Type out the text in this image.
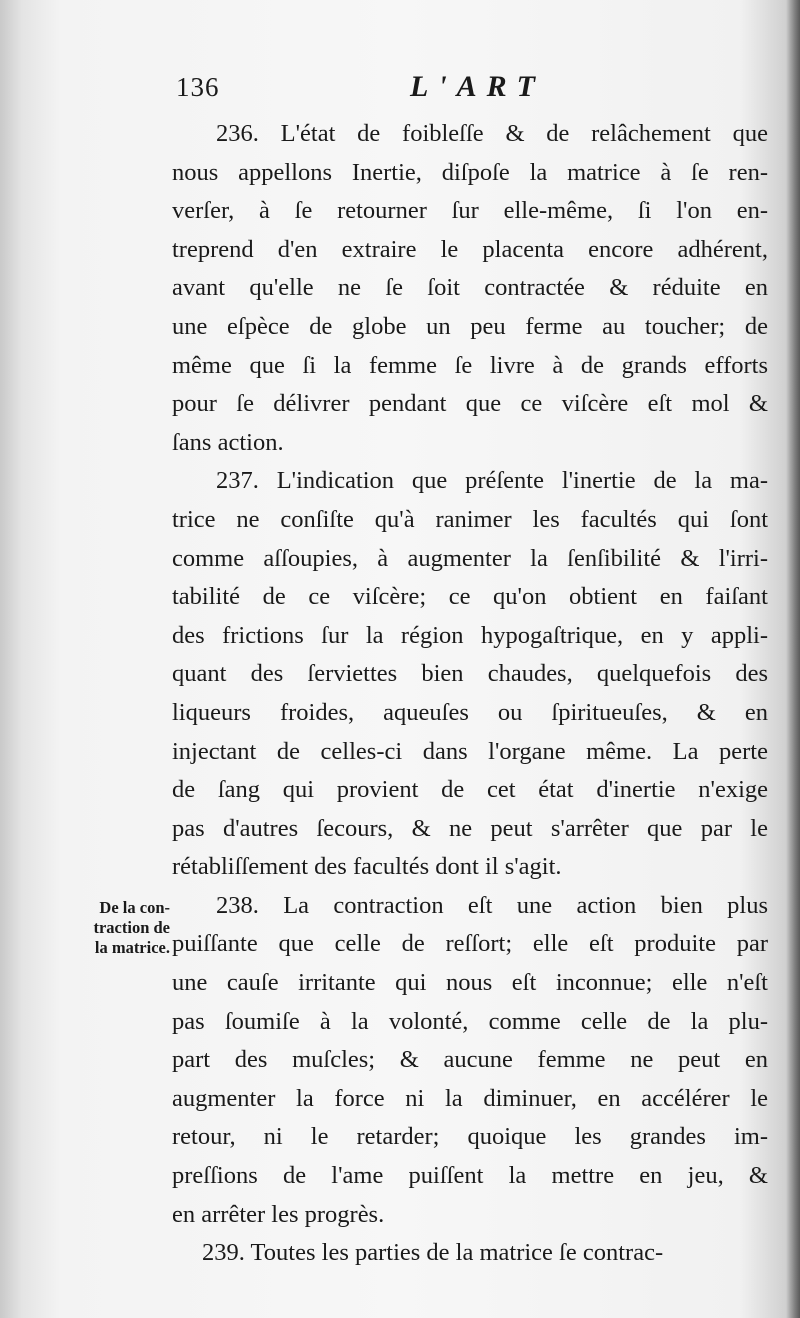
136	L'ART
De la con-
traction de
la matrice.
236. L'état de foibleſſe & de relâchement que
nous appellons Inertie, diſpoſe la matrice à ſe ren-
verſer, à ſe retourner ſur elle-même, ſi l'on en-
treprend d'en extraire le placenta encore adhérent,
avant qu'elle ne ſe ſoit contractée & réduite en
une eſpèce de globe un peu ferme au toucher; de
même que ſi la femme ſe livre à de grands efforts
pour ſe délivrer pendant que ce viſcère eſt mol &
ſans action.
237. L'indication que préſente l'inertie de la ma-
trice ne conſiſte qu'à ranimer les facultés qui ſont
comme aſſoupies, à augmenter la ſenſibilité & l'irri-
tabilité de ce viſcère; ce qu'on obtient en faiſant
des frictions ſur la région hypogaſtrique, en y appli-
quant des ſerviettes bien chaudes, quelquefois des
liqueurs froides, aqueuſes ou ſpiritueuſes, & en
injectant de celles-ci dans l'organe même. La perte
de ſang qui provient de cet état d'inertie n'exige
pas d'autres ſecours, & ne peut s'arrêter que par le
rétabliſſement des facultés dont il s'agit.
238. La contraction eſt une action bien plus
puiſſante que celle de reſſort; elle eſt produite par
une cauſe irritante qui nous eſt inconnue; elle n'eſt
pas ſoumiſe à la volonté, comme celle de la plu-
part des muſcles; & aucune femme ne peut en
augmenter la force ni la diminuer, en accélérer le
retour, ni le retarder; quoique les grandes im-
preſſions de l'ame puiſſent la mettre en jeu, &
en arrêter les progrès.
239. Toutes les parties de la matrice ſe contrac-
